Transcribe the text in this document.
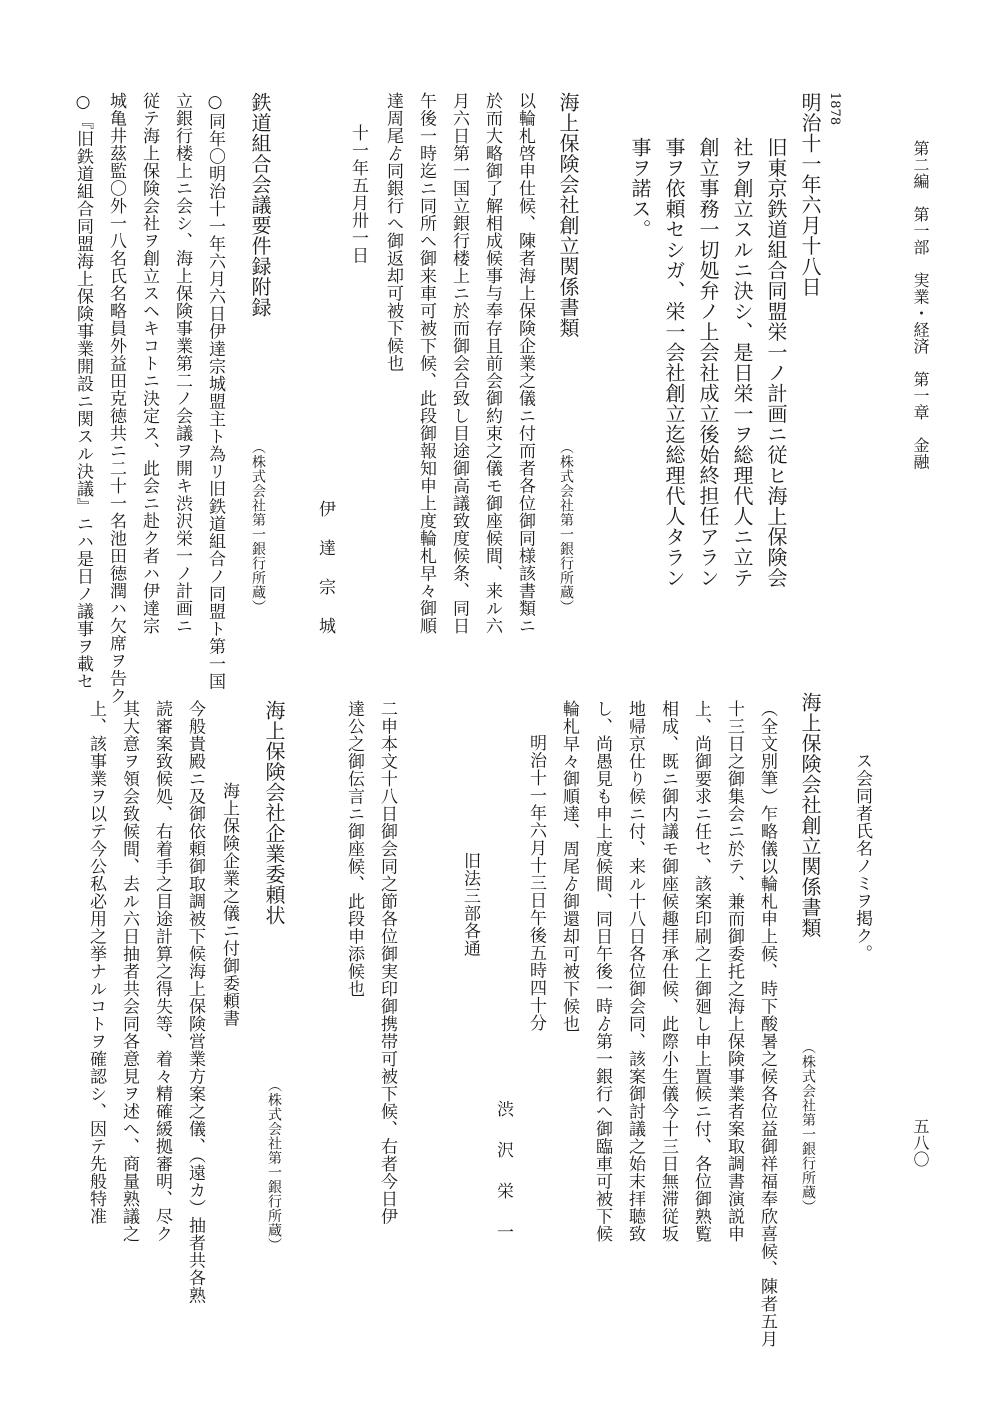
第二編　第一部　実業・経済　第一章　金融
五八〇
1878
明治十一年六月十八日
旧東京鉄道組合同盟栄一ノ計画ニ従ヒ海上保険会
社ヲ創立スルニ決シ、是日栄一ヲ総理代人ニ立テ
創立事務一切処弁ノ上会社成立後始終担任アラン
事ヲ依頼セシガ、栄一会社創立迄総理代人タラン
事ヲ諾ス。
海上保険会社創立関係書類
（株式会社第一銀行所蔵）
以輪札啓申仕候、陳者海上保険企業之儀ニ付而者各位御同様該書類ニ
於而大略御了解相成候事与奉存且前会御約束之儀モ御座候間、来ル六
月六日第一国立銀行楼上ニ於而御会合致し目途御高議致度候条、同日
午後一時迄ニ同所へ御来車可被下候、此段御報知申上度輪札早々御順
達周尾ゟ同銀行へ御返却可被下候也
十一年五月卅一日
伊達宗城
鉄道組合会議要件録附録
（株式会社第一銀行所蔵）
○同年〇明治十一年六月六日伊達宗城盟主ト為リ旧鉄道組合ノ同盟ト第一国
立銀行楼上ニ会シ、海上保険事業第二ノ会議ヲ開キ渋沢栄一ノ計画ニ
従テ海上保険会社ヲ創立スヘキコトニ決定ス、此会ニ赴ク者ハ伊達宗
城亀井茲監〇外一八名氏名略員外益田克徳共ニ二十一名池田徳潤ハ欠席ヲ告ク
○『旧鉄道組合同盟海上保険事業開設ニ関スル決議』ニハ是日ノ議事ヲ載セ
ス会同者氏名ノミヲ掲ク。
海上保険会社創立関係書類
（株式会社第一銀行所蔵）
（全文別筆）乍略儀以輪札申上候、時下酸暑之候各位益御祥福奉欣喜候、陳者五月
十三日之御集会ニ於テ、兼而御委托之海上保険事業者案取調書演説申
上、尚御要求ニ任セ、該案印刷之上御廻し申上置候ニ付、各位御熟覧
相成、既ニ御内議モ御座候趣拝承仕候、此際小生儀今十三日無滞従坂
地帰京仕り候ニ付、来ル十八日各位御会同、該案御討議之始末拝聴致
し、尚愚見も申上度候間、同日午後一時ゟ第一銀行へ御臨車可被下候
輪札早々御順達、周尾ゟ御還却可被下候也
明治十一年六月十三日午後五時四十分
渋沢栄一
旧法三部各通
二申本文十八日御会同之節各位御実印御携帯可被下候、右者今日伊
達公之御伝言ニ御座候、此段申添候也
海上保険会社企業委頼状
（株式会社第一銀行所蔵）
海上保険企業之儀ニ付御委頼書
今般貴殿ニ及御依頼御取調被下候海上保険営業方案之儀、（遠カ）抽者共各熟
読審案致候処、右着手之目途計算之得失等、着々精確緩拠審明、尽ク
其大意ヲ領会致候間、去ル六日抽者共会同各意見ヲ述へ、商量熟議之
上、該事業ヲ以テ今公私必用之挙ナルコトヲ確認シ、因テ先般特准
